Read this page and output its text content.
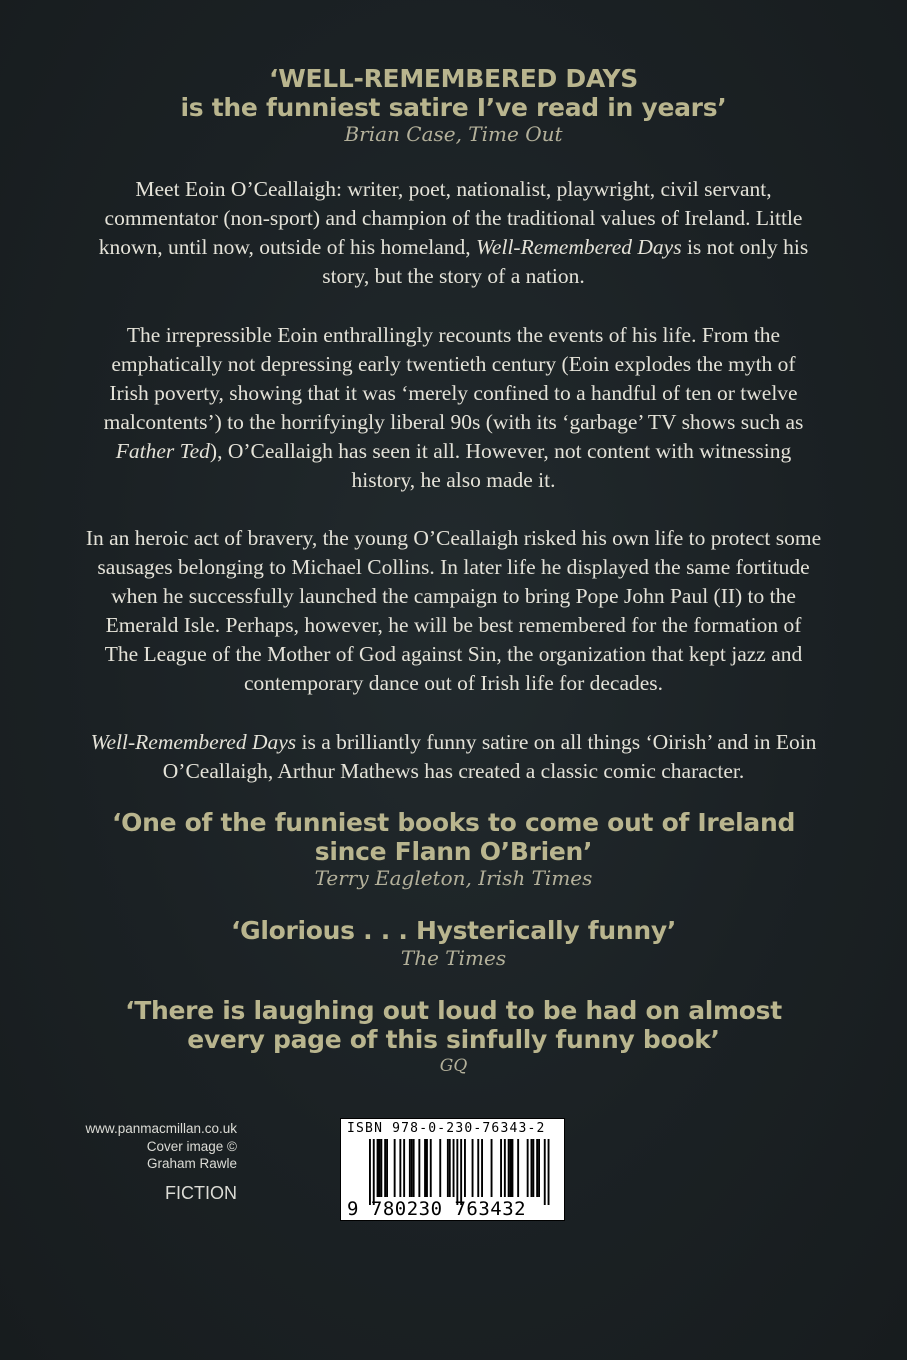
‘WELL-REMEMBERED DAYS
is the funniest satire I’ve read in years’
Brian Case, Time Out
Meet Eoin O’Ceallaigh: writer, poet, nationalist, playwright, civil servant,
commentator (non-sport) and champion of the traditional values of Ireland. Little
known, until now, outside of his homeland, Well-Remembered Days is not only his
story, but the story of a nation.
The irrepressible Eoin enthrallingly recounts the events of his life. From the
emphatically not depressing early twentieth century (Eoin explodes the myth of
Irish poverty, showing that it was ‘merely confined to a handful of ten or twelve
malcontents’) to the horrifyingly liberal 90s (with its ‘garbage’ TV shows such as
Father Ted), O’Ceallaigh has seen it all. However, not content with witnessing
history, he also made it.
In an heroic act of bravery, the young O’Ceallaigh risked his own life to protect some
sausages belonging to Michael Collins. In later life he displayed the same fortitude
when he successfully launched the campaign to bring Pope John Paul (II) to the
Emerald Isle. Perhaps, however, he will be best remembered for the formation of
The League of the Mother of God against Sin, the organization that kept jazz and
contemporary dance out of Irish life for decades.
Well-Remembered Days is a brilliantly funny satire on all things ‘Oirish’ and in Eoin
O’Ceallaigh, Arthur Mathews has created a classic comic character.
‘One of the funniest books to come out of Ireland
since Flann O’Brien’
Terry Eagleton, Irish Times
‘Glorious . . . Hysterically funny’
The Times
‘There is laughing out loud to be had on almost
every page of this sinfully funny book’
GQ
www.panmacmillan.co.uk
Cover image ©
Graham Rawle
FICTION
ISBN 978-0-230-76343-2
9 780230 763432
